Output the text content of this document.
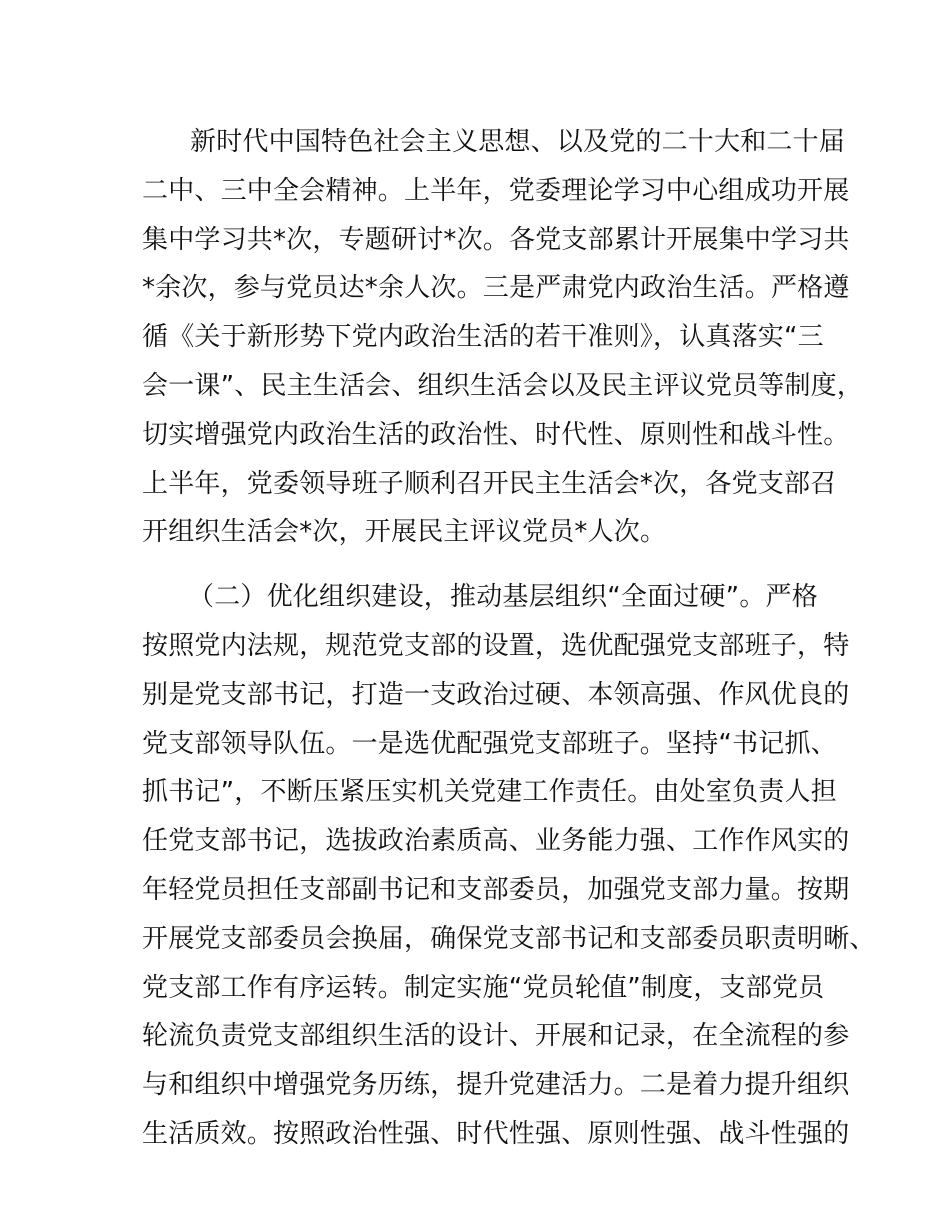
新时代中国特色社会主义思想、以及党的二十大和二十届
二中、三中全会精神。上半年，党委理论学习中心组成功开展
集中学习共*次，专题研讨*次。各党支部累计开展集中学习共
*余次，参与党员达*余人次。三是严肃党内政治生活。严格遵
循《关于新形势下党内政治生活的若干准则》，认真落实“三
会一课”、民主生活会、组织生活会以及民主评议党员等制度，
切实增强党内政治生活的政治性、时代性、原则性和战斗性。
上半年，党委领导班子顺利召开民主生活会*次，各党支部召
开组织生活会*次，开展民主评议党员*人次。
（二）优化组织建设，推动基层组织“全面过硬”。严格
按照党内法规，规范党支部的设置，选优配强党支部班子，特
别是党支部书记，打造一支政治过硬、本领高强、作风优良的
党支部领导队伍。一是选优配强党支部班子。坚持“书记抓、
抓书记”，不断压紧压实机关党建工作责任。由处室负责人担
任党支部书记，选拔政治素质高、业务能力强、工作作风实的
年轻党员担任支部副书记和支部委员，加强党支部力量。按期
开展党支部委员会换届，确保党支部书记和支部委员职责明晰、
党支部工作有序运转。制定实施“党员轮值”制度，支部党员
轮流负责党支部组织生活的设计、开展和记录，在全流程的参
与和组织中增强党务历练，提升党建活力。二是着力提升组织
生活质效。按照政治性强、时代性强、原则性强、战斗性强的
